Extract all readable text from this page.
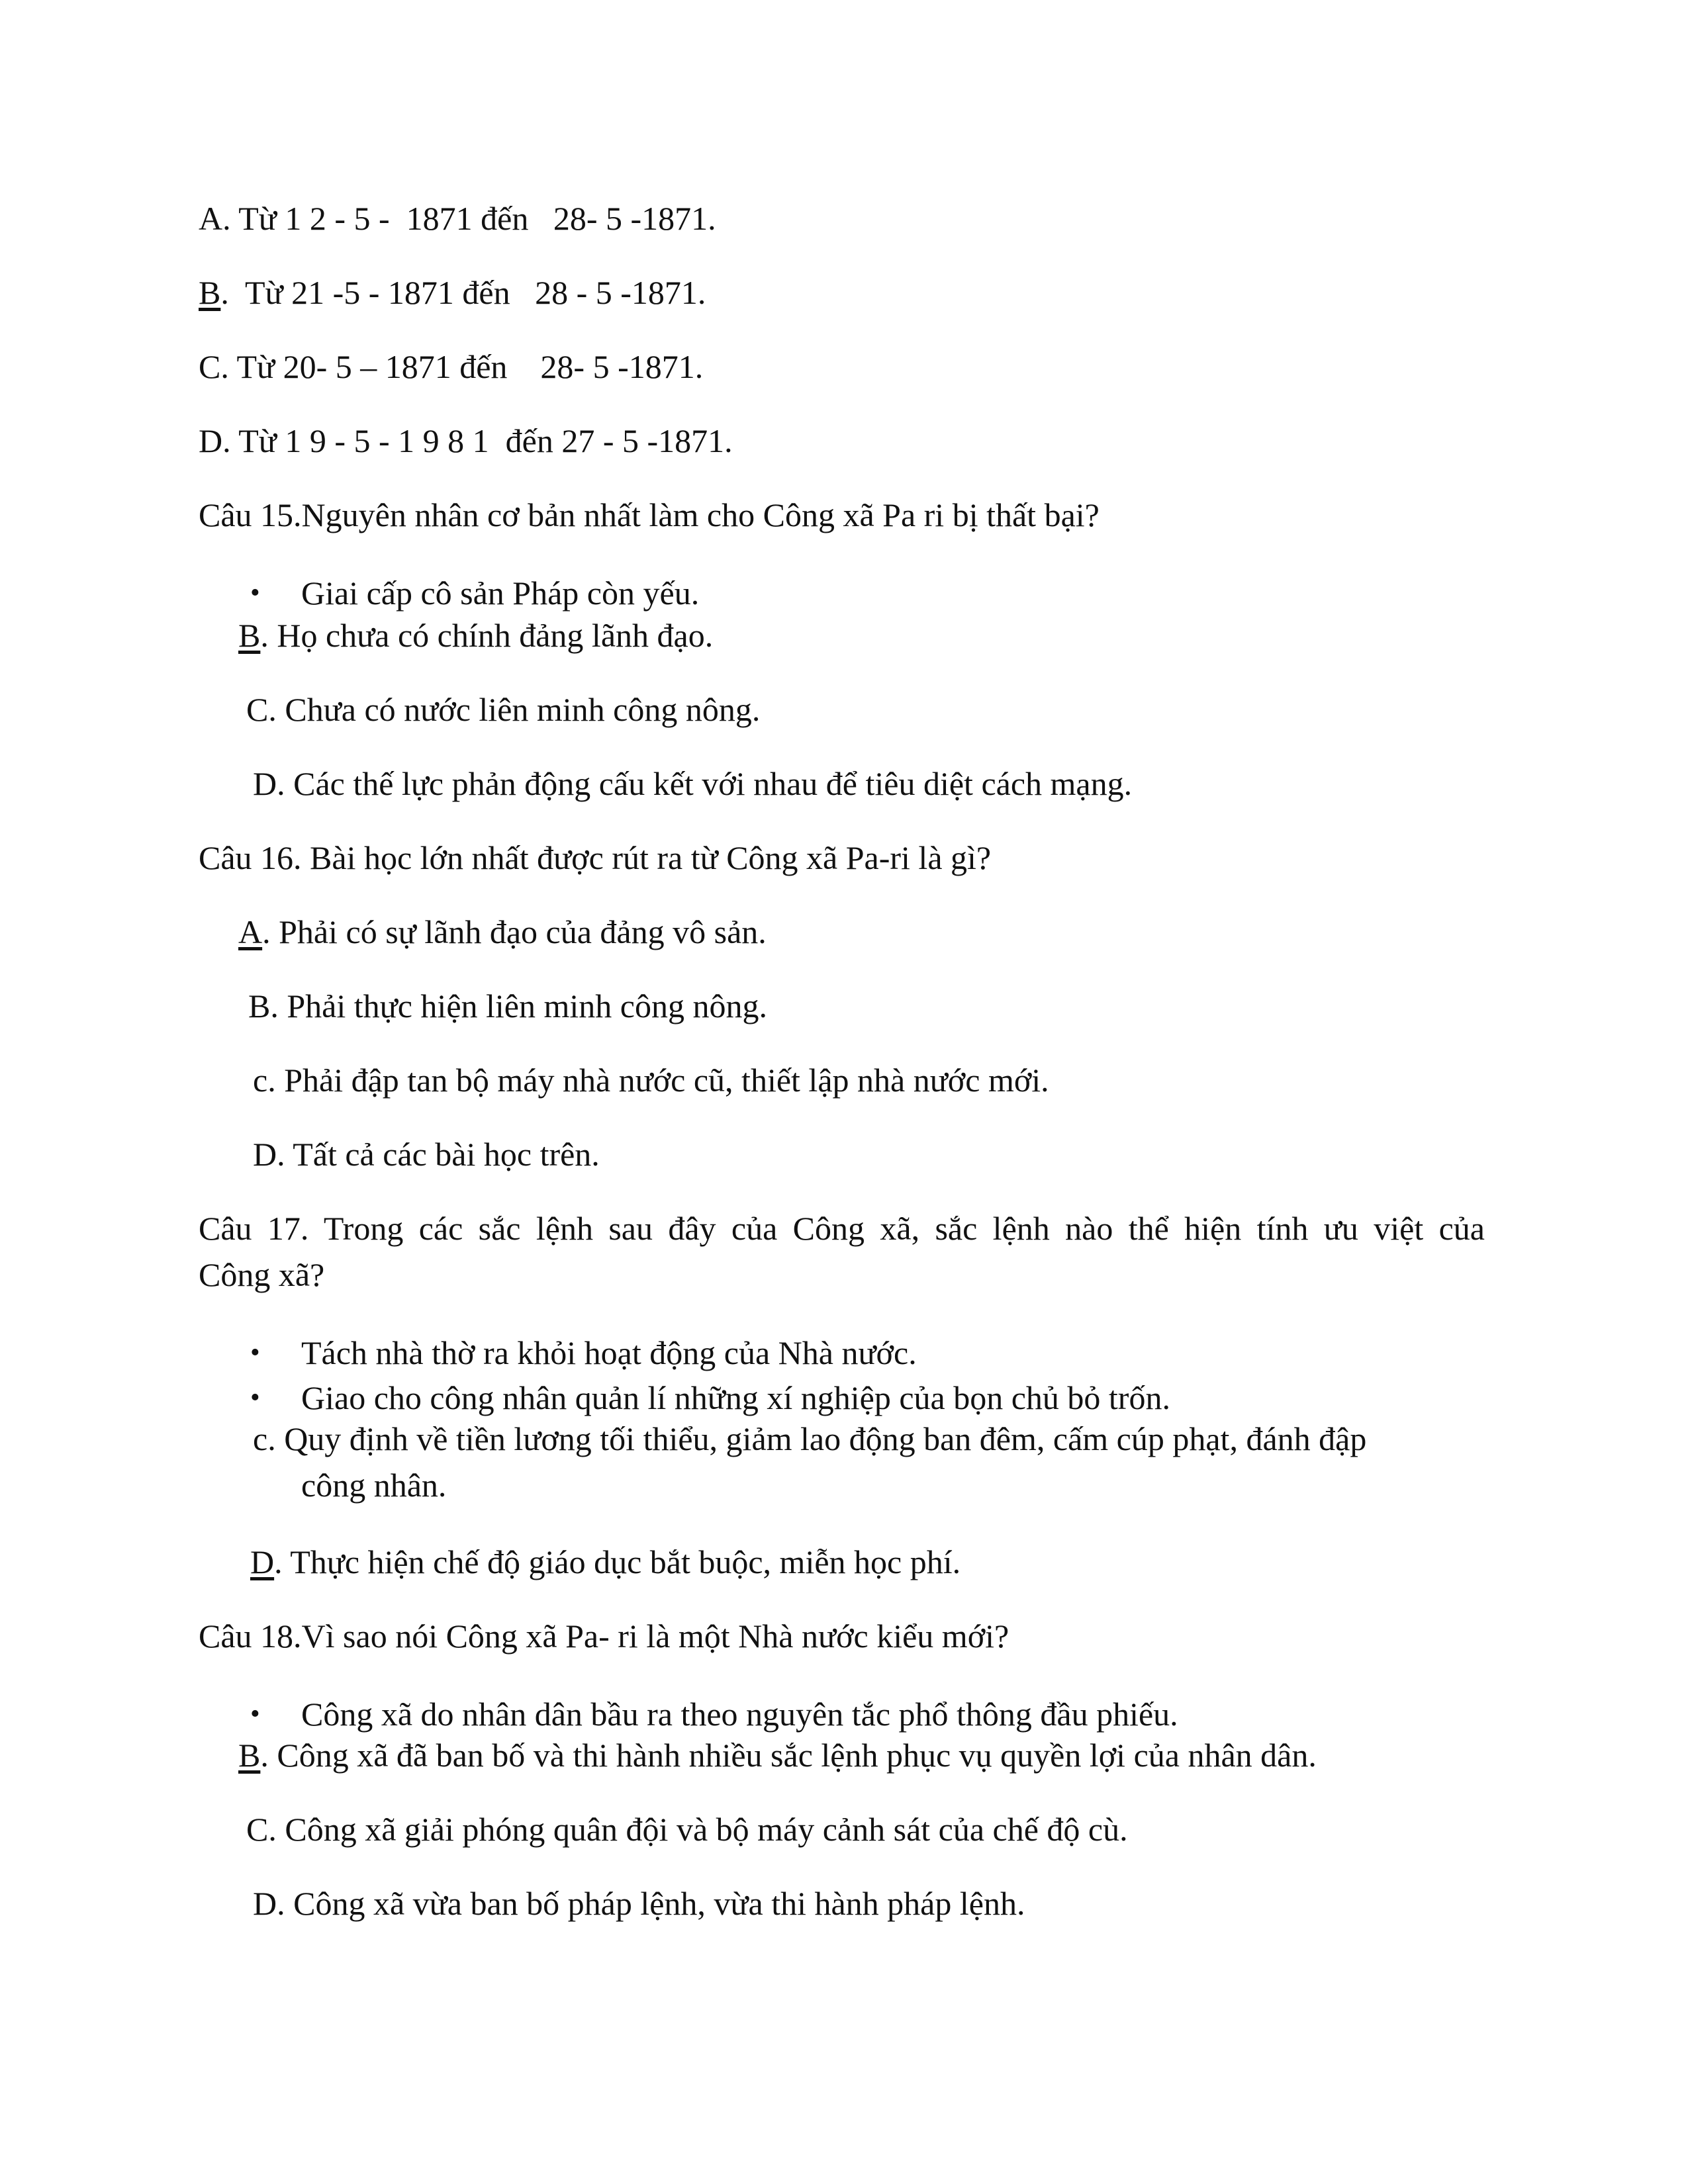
A. Từ 1 2 - 5 -  1871 đến   28- 5 -1871.
B.  Từ 21 -5 - 1871 đến   28 - 5 -1871.
C. Từ 20- 5 – 1871 đến    28- 5 -1871.
D. Từ 1 9 - 5 - 1 9 8 1  đến 27 - 5 -1871.
Câu 15.Nguyên nhân cơ bản nhất làm cho Công xã Pa ri bị thất bại?
• Giai cấp cô sản Pháp còn yếu.
B. Họ chưa có chính đảng lãnh đạo.
C. Chưa có nước liên minh công nông.
D. Các thế lực phản động cấu kết với nhau để tiêu diệt cách mạng.
Câu 16. Bài học lớn nhất được rút ra từ Công xã Pa-ri là gì?
A. Phải có sự lãnh đạo của đảng vô sản.
B. Phải thực hiện liên minh công nông.
c. Phải đập tan bộ máy nhà nước cũ, thiết lập nhà nước mới.
D. Tất cả các bài học trên.
Câu 17. Trong các sắc lệnh sau đây của Công xã, sắc lệnh nào thể hiện tính ưu việt của
Công xã?
• Tách nhà thờ ra khỏi hoạt động của Nhà nước.
• Giao cho công nhân quản lí những xí nghiệp của bọn chủ bỏ trốn.
c. Quy định về tiền lương tối thiểu, giảm lao động ban đêm, cấm cúp phạt, đánh đập
công nhân.
D. Thực hiện chế độ giáo dục bắt buộc, miễn học phí.
Câu 18.Vì sao nói Công xã Pa- ri là một Nhà nước kiểu mới?
• Công xã do nhân dân bầu ra theo nguyên tắc phổ thông đầu phiếu.
B. Công xã đã ban bố và thi hành nhiều sắc lệnh phục vụ quyền lợi của nhân dân.
C. Công xã giải phóng quân đội và bộ máy cảnh sát của chế độ cù.
D. Công xã vừa ban bố pháp lệnh, vừa thi hành pháp lệnh.
